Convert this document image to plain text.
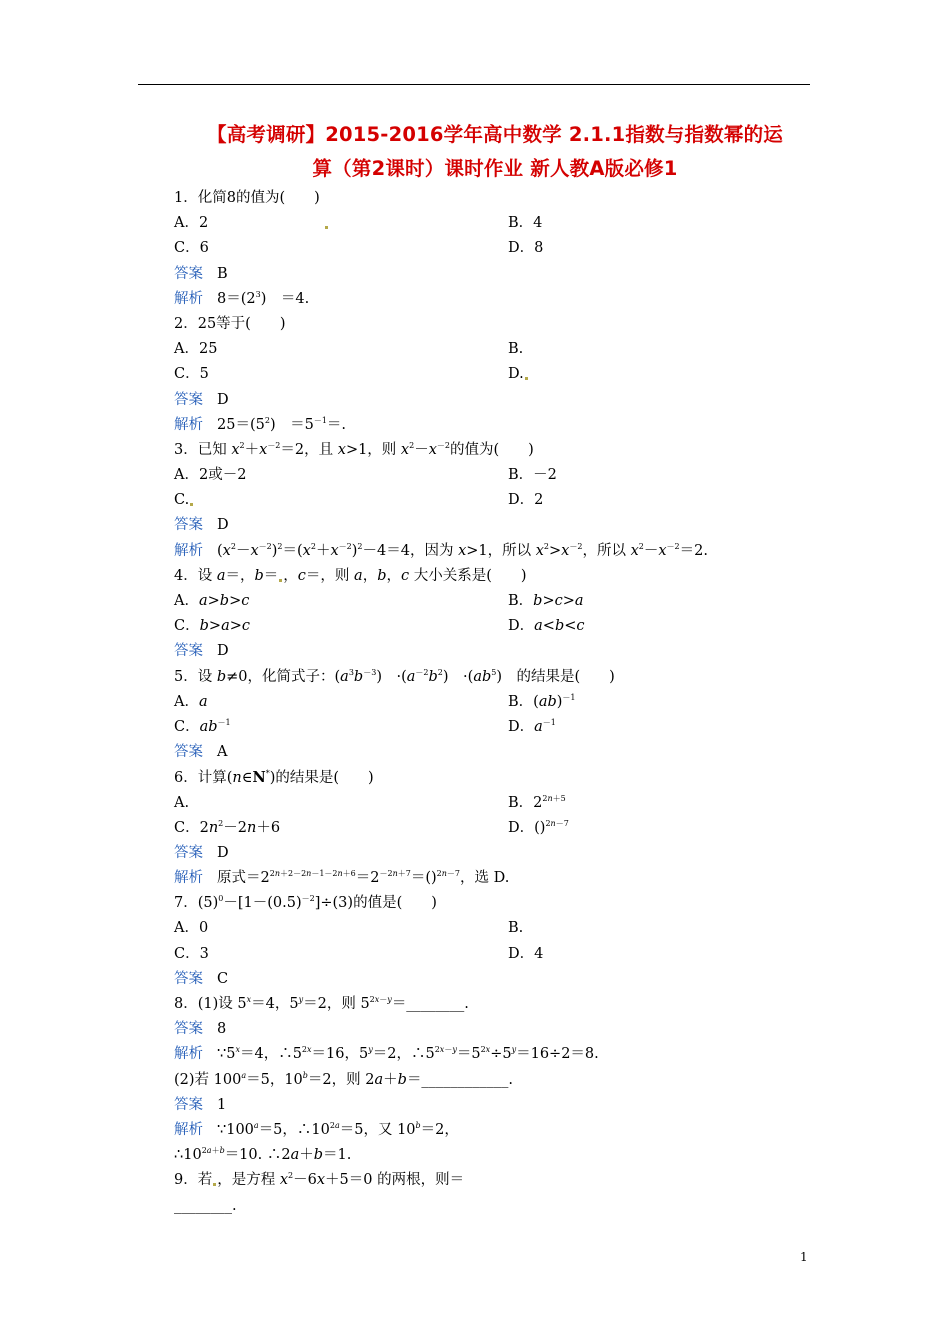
【高考调研】2015-2016学年高中数学 2.1.1指数与指数幂的运
算（第2课时）课时作业 新人教A版必修1
1．化简8的值为(　　)
A．2	B．4
C．6	D．8
答案 B
解析 $8=(2^3)$　＝4.
2．25等于(　　)
A．25	B.
C．5	D.
答案 D
解析 $25=(5^2)$　$=5^{-1}=$.
3．已知 $x^2+x^{-2}=2$，且 x>1，则 $x^2-x^{-2}$的值为(　　)
A．2或－2	B．－2
C.	D．2
答案 D
解析 $(x^2-x^{-2})^2=(x^2+x^{-2})^2-4=4$，因为 x>1，所以 $x^2>x^{-2}$，所以 $x^2-x^{-2}=2$.
4．设 a＝，b＝ ，c＝，则 a，b，c 大小关系是(　　)
A．a>b>c	B．b>c>a
C．b>a>c	D．a<b<c
答案 D
5．设 b≠0，化简式子：$(a^3b^{-3})$　$\cdot(a^{-2}b^2)$　$\cdot(ab^5)$　的结果是(　　)
A．a	B．(ab)$^{-1}$
C．$ab^{-1}$	D．$a^{-1}$
答案 A
6．计算(n∈N*)的结果是(　　)
A.	B．$2^{2n+5}$
C．$2n^2-2n+6$	D．()$^{2n-7}$
答案 D
解析 原式$=2^{2n+2-2n-1-2n+6}=2^{-2n+7}=()^{2n-7}$，选 D.
7．$(5)^0-[1-(0.5)^{-2}]\div(3)$的值是(　　)
A．0	B.
C．3	D．4
答案 C
8．(1)设 $5^x=4$，$5^y=2$，则 $5^{2x-y}=\_\_\_\_\_\_\_\_$.
答案 8
解析 $\because 5^x=4$，$\therefore 5^{2x}=16$，$5^y=2$，$\therefore 5^{2x-y}=5^{2x}\div 5^y=16\div 2=8$.
(2)若 $100^a=5$，$10^b=2$，则 2a＋b＝____________.
答案 1
解析 $\because 100^a=5$，$\therefore 10^{2a}=5$，又 $10^b=2$，
$\therefore 10^{2a+b}=10$. ∴2a＋b＝1.
9．若 ，是方程 $x^2-6x+5=0$ 的两根，则＝
________.
1
